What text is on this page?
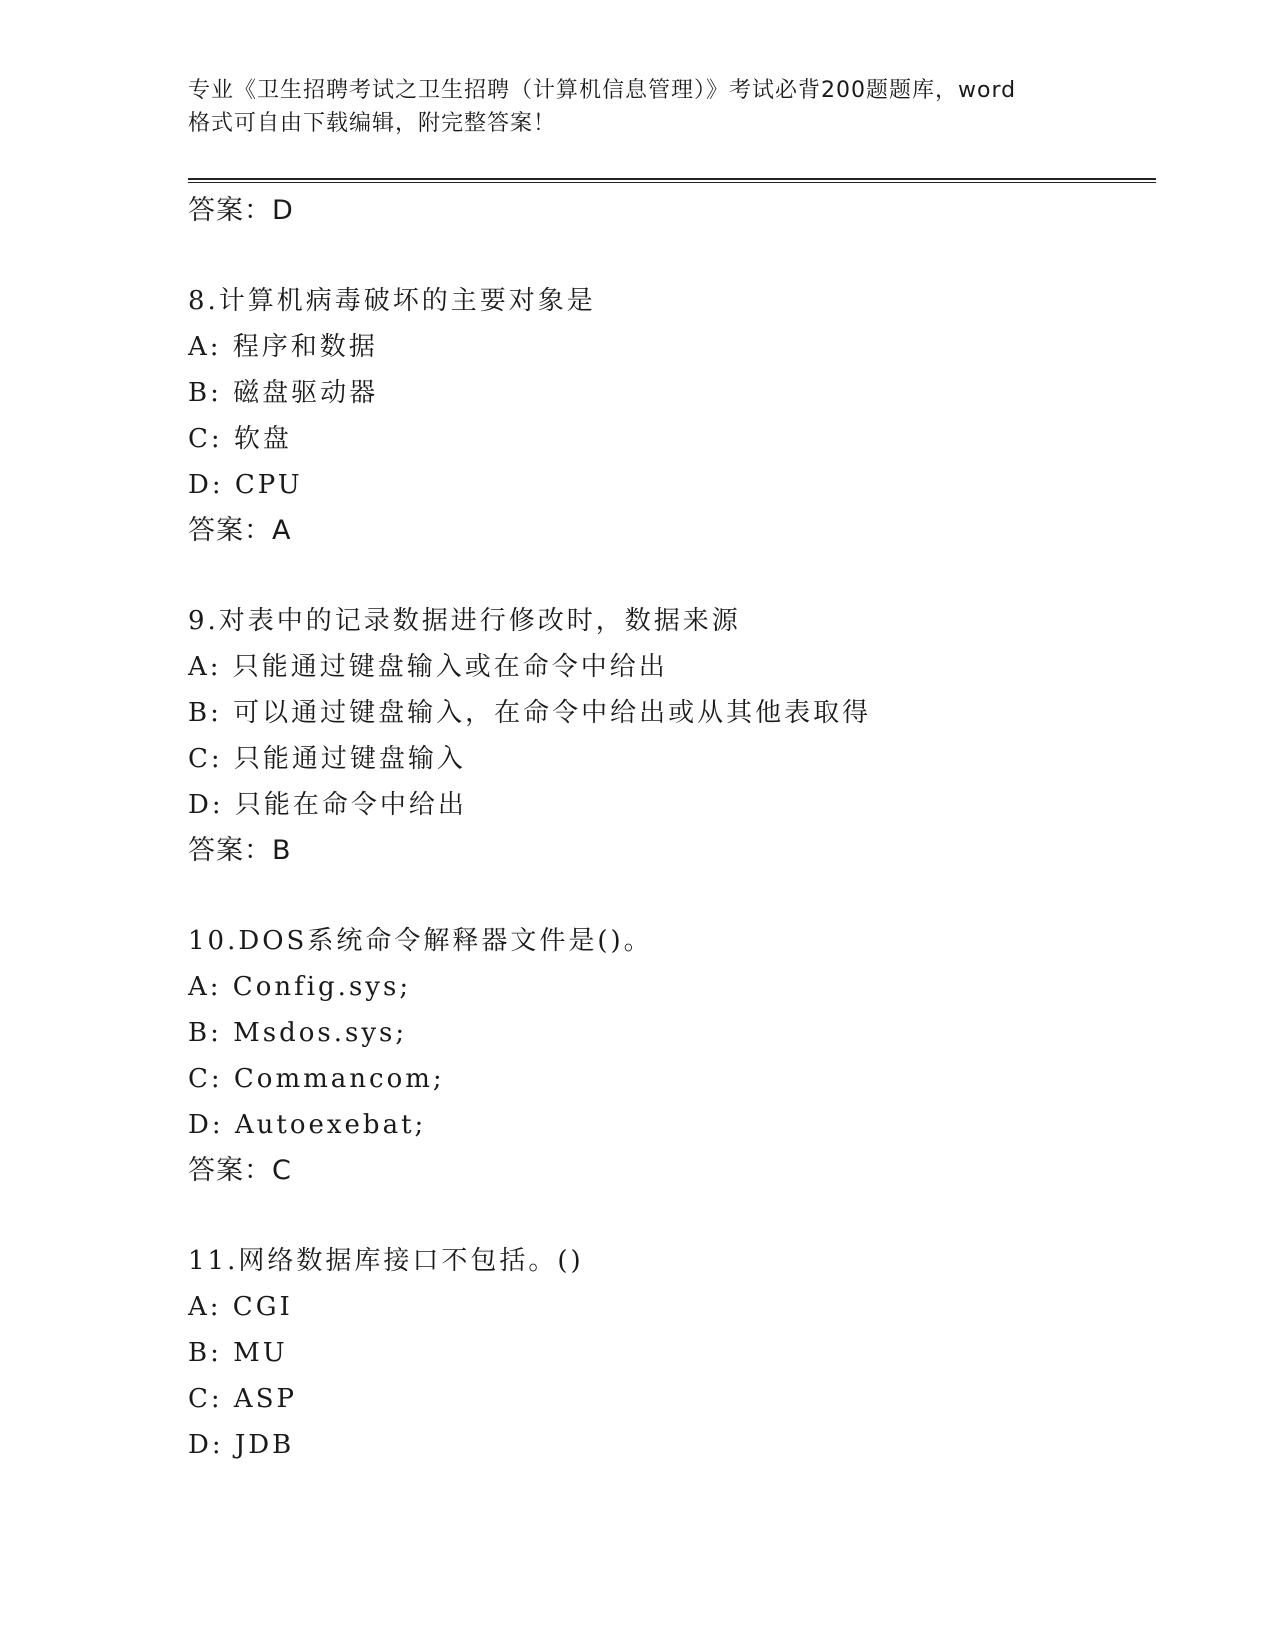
专业《卫生招聘考试之卫生招聘（计算机信息管理）》考试必背200题题库，word
格式可自由下载编辑，附完整答案！
答案：D
8.计算机病毒破坏的主要对象是
A: 程序和数据
B: 磁盘驱动器
C: 软盘
D: CPU
答案：A
9.对表中的记录数据进行修改时，数据来源
A: 只能通过键盘输入或在命令中给出
B: 可以通过键盘输入，在命令中给出或从其他表取得
C: 只能通过键盘输入
D: 只能在命令中给出
答案：B
10.DOS系统命令解释器文件是()。
A: Config.sys;
B: Msdos.sys;
C: Commancom;
D: Autoexebat;
答案：C
11.网络数据库接口不包括。()
A: CGI
B: MU
C: ASP
D: JDB
